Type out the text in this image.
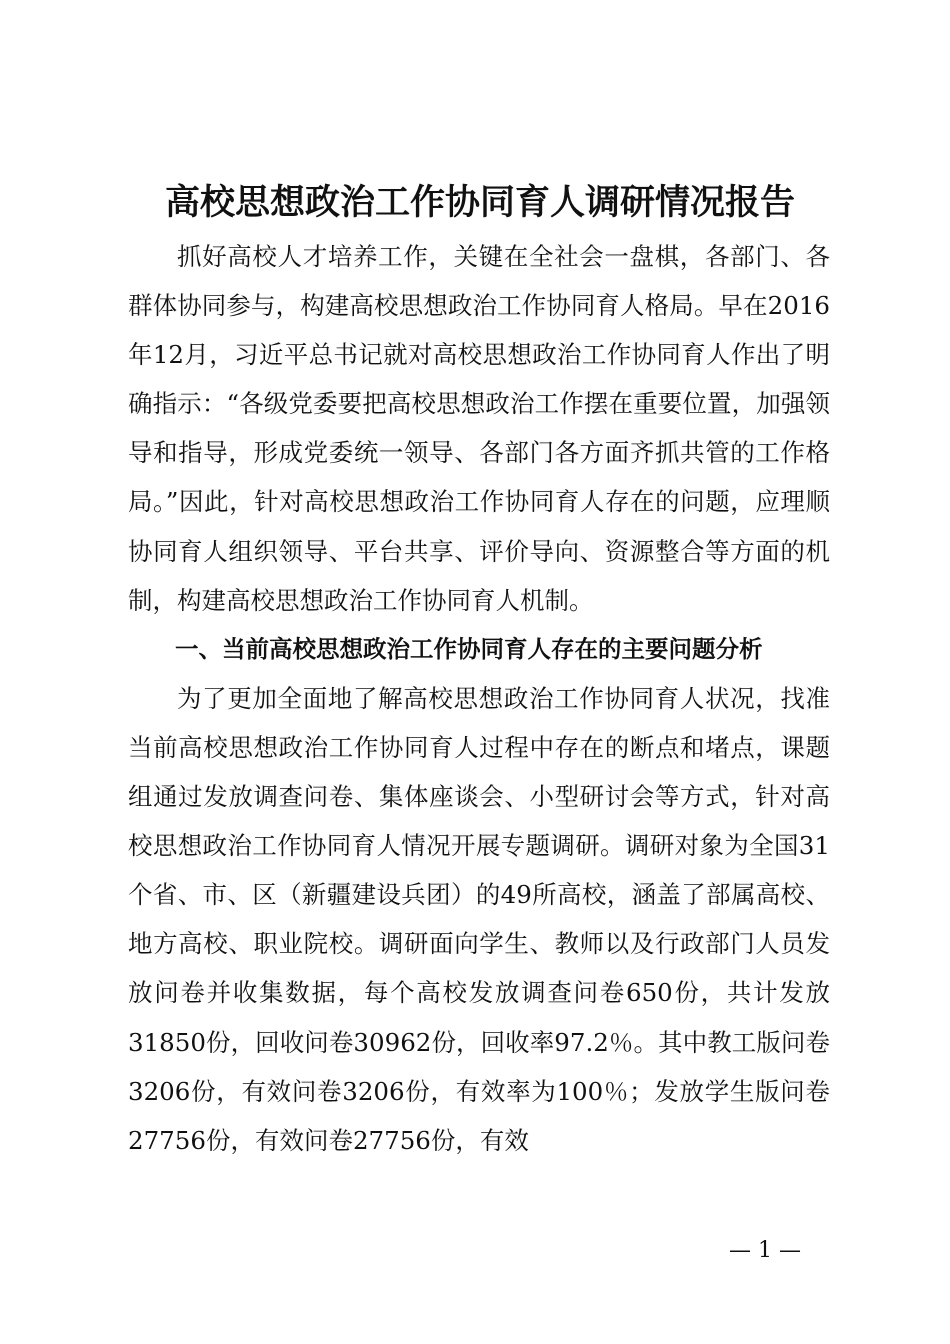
高校思想政治工作协同育人调研情况报告

抓好高校人才培养工作，关键在全社会一盘棋，各部门、各群体协同参与，构建高校思想政治工作协同育人格局。早在2016年12月，习近平总书记就对高校思想政治工作协同育人作出了明确指示：“各级党委要把高校思想政治工作摆在重要位置，加强领导和指导，形成党委统一领导、各部门各方面齐抓共管的工作格局。”因此，针对高校思想政治工作协同育人存在的问题，应理顺协同育人组织领导、平台共享、评价导向、资源整合等方面的机制，构建高校思想政治工作协同育人机制。

一、当前高校思想政治工作协同育人存在的主要问题分析

为了更加全面地了解高校思想政治工作协同育人状况，找准当前高校思想政治工作协同育人过程中存在的断点和堵点，课题组通过发放调查问卷、集体座谈会、小型研讨会等方式，针对高校思想政治工作协同育人情况开展专题调研。调研对象为全国31个省、市、区（新疆建设兵团）的49所高校，涵盖了部属高校、地方高校、职业院校。调研面向学生、教师以及行政部门人员发放问卷并收集数据，每个高校发放调查问卷650份，共计发放31850份，回收问卷30962份，回收率97.2％。其中教工版问卷3206份，有效问卷3206份，有效率为100％；发放学生版问卷27756份，有效问卷27756份，有效

— 1 —
